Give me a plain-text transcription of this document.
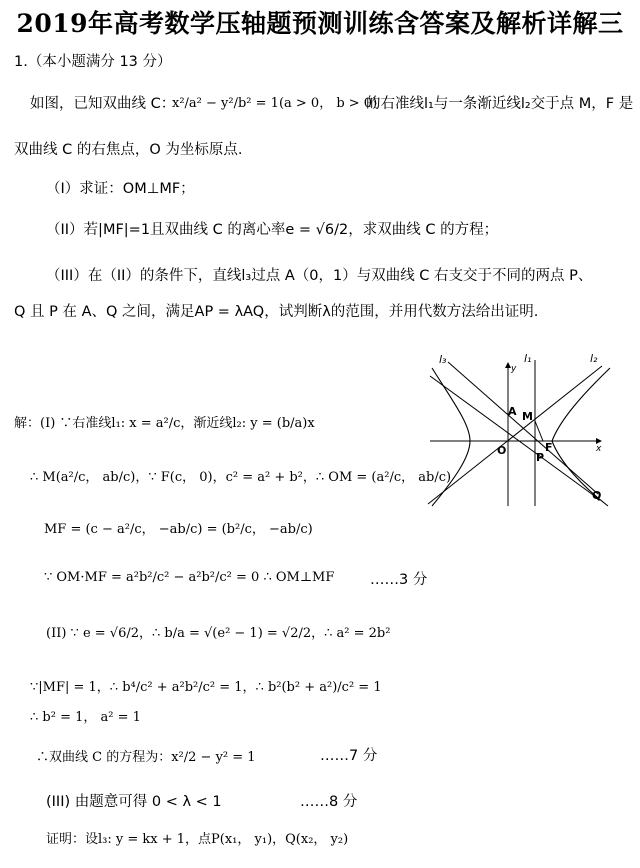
2019年高考数学压轴题预测训练含答案及解析详解三
1.（本小题满分 13 分）
如图，已知双曲线 C：
x²/a² − y²/b² = 1(a > 0， b > 0)
的右准线l₁与一条渐近线l₂交于点 M，F 是
双曲线 C 的右焦点，O 为坐标原点.
（I）求证：OM⊥MF；
（II）若|MF|=1且双曲线 C 的离心率e = √6/2，求双曲线 C 的方程；
（III）在（II）的条件下，直线l₃过点 A（0，1）与双曲线 C 右支交于不同的两点 P、
Q 且 P 在 A、Q 之间，满足AP = λAQ，试判断λ的范围，并用代数方法给出证明.
l₃	l₁	l₂
y
x
A M
O	F
P
Q
解：(I) ∵右准线l₁: x = a²/c，渐近线l₂: y = (b/a)x
∴ M(a²/c， ab/c)，∵ F(c， 0)，c² = a² + b²，∴ OM = (a²/c， ab/c)
MF = (c − a²/c， −ab/c) = (b²/c， −ab/c)
∵ OM·MF = a²b²/c² − a²b²/c² = 0 ∴ OM⊥MF ……3 分
(II) ∵ e = √6/2，∴ b/a = √(e² − 1) = √2/2，∴ a² = 2b²
∵|MF| = 1，∴ b⁴/c² + a²b²/c² = 1，∴ b²(b² + a²)/c² = 1
∴ b² = 1， a² = 1
∴双曲线 C 的方程为：x²/2 − y² = 1	……7 分
(III) 由题意可得 0 < λ < 1	……8 分
证明：设l₃: y = kx + 1，点P(x₁， y₁)，Q(x₂， y₂)
